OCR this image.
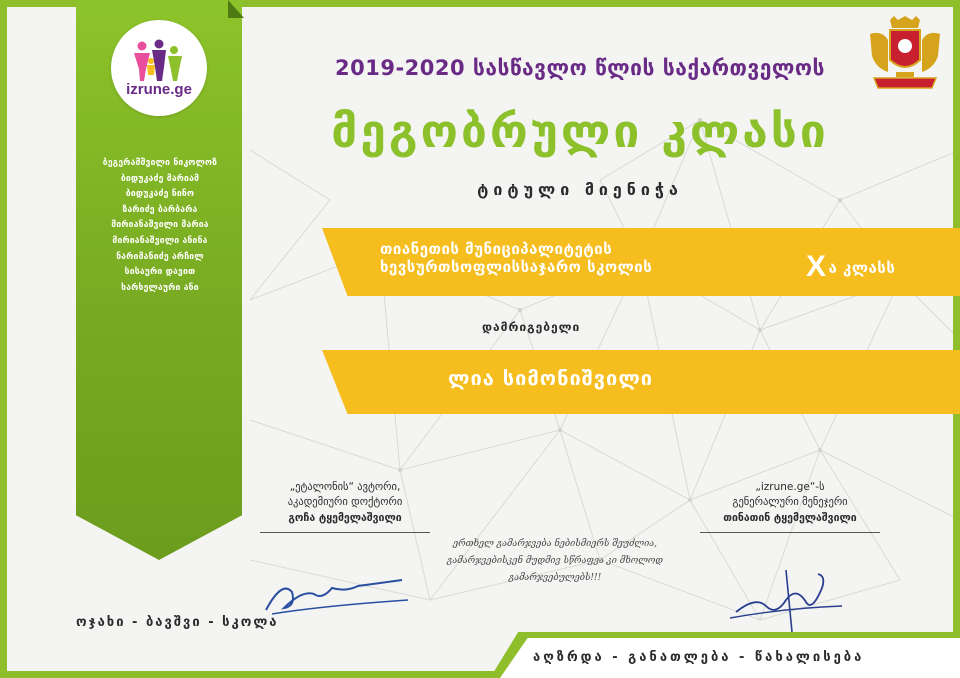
izrune.ge
ბეგერამშვილი ნიკოლოზ
ბიდუკაძე მარიამ
ბიდუკაძე ნინო
ზარიძე ბარბარა
მირიანაშვილი მარია
მირიანაშვილი ანინა
ნარიმანიძე არჩილ
სისაური დავით
ხარხელაური ანი
2019-2020 სასწავლო წლის საქართველოს
მეგობრული კლასი
ტიტული მიენიჭა
თიანეთის მუნიციპალიტეტის
ხევსურთსოფლისსაჯარო სკოლის	Xა კლასს
დამრიგებელი
ლია სიმონიშვილი
„ეტალონის“ ავტორი,
აკადემიური დოქტორი
გოჩა ტყემელაშვილი
„izrune.ge“-ს
გენერალური მენეჯერი
თინათინ ტყემელაშვილი
ერთხელ გამარჯვება ნებისმიერს შეუძლია,
გამარჯვებისკენ მუდმივ სწრაფვა კი მხოლოდ გამარჯვებულებს!!!
ოჯახი - ბავშვი - სკოლა
აღზრდა - განათლება - წახალისება
